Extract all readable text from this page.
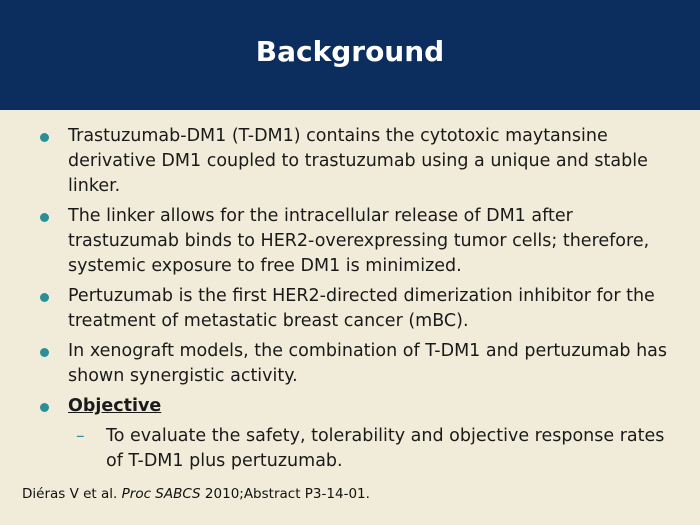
Background
Trastuzumab-DM1 (T-DM1) contains the cytotoxic maytansine derivative DM1 coupled to trastuzumab using a unique and stable linker.
The linker allows for the intracellular release of DM1 after trastuzumab binds to HER2-overexpressing tumor cells; therefore, systemic exposure to free DM1 is minimized.
Pertuzumab is the first HER2-directed dimerization inhibitor for the treatment of metastatic breast cancer (mBC).
In xenograft models, the combination of T-DM1 and pertuzumab has shown synergistic activity.
Objective
– To evaluate the safety, tolerability and objective response rates of T-DM1 plus pertuzumab.
Diéras V et al. Proc SABCS 2010;Abstract P3-14-01.
